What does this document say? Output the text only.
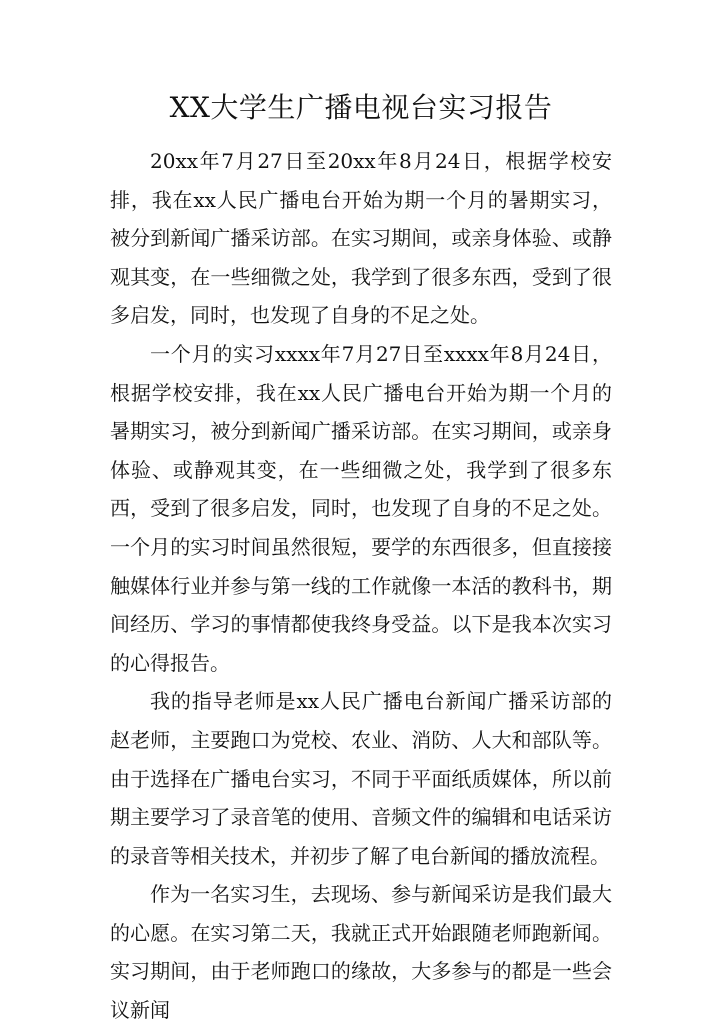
XX大学生广播电视台实习报告

20xx年7月27日至20xx年8月24日，根据学校安排，我在xx人民广播电台开始为期一个月的暑期实习，被分到新闻广播采访部。在实习期间，或亲身体验、或静观其变，在一些细微之处，我学到了很多东西，受到了很多启发，同时，也发现了自身的不足之处。

一个月的实习xxxx年7月27日至xxxx年8月24日，根据学校安排，我在xx人民广播电台开始为期一个月的暑期实习，被分到新闻广播采访部。在实习期间，或亲身体验、或静观其变，在一些细微之处，我学到了很多东西，受到了很多启发，同时，也发现了自身的不足之处。一个月的实习时间虽然很短，要学的东西很多，但直接接触媒体行业并参与第一线的工作就像一本活的教科书，期间经历、学习的事情都使我终身受益。以下是我本次实习的心得报告。

我的指导老师是xx人民广播电台新闻广播采访部的赵老师，主要跑口为党校、农业、消防、人大和部队等。由于选择在广播电台实习，不同于平面纸质媒体，所以前期主要学习了录音笔的使用、音频文件的编辑和电话采访的录音等相关技术，并初步了解了电台新闻的播放流程。

作为一名实习生，去现场、参与新闻采访是我们最大的心愿。在实习第二天，我就正式开始跟随老师跑新闻。实习期间，由于老师跑口的缘故，大多参与的都是一些会议新闻
